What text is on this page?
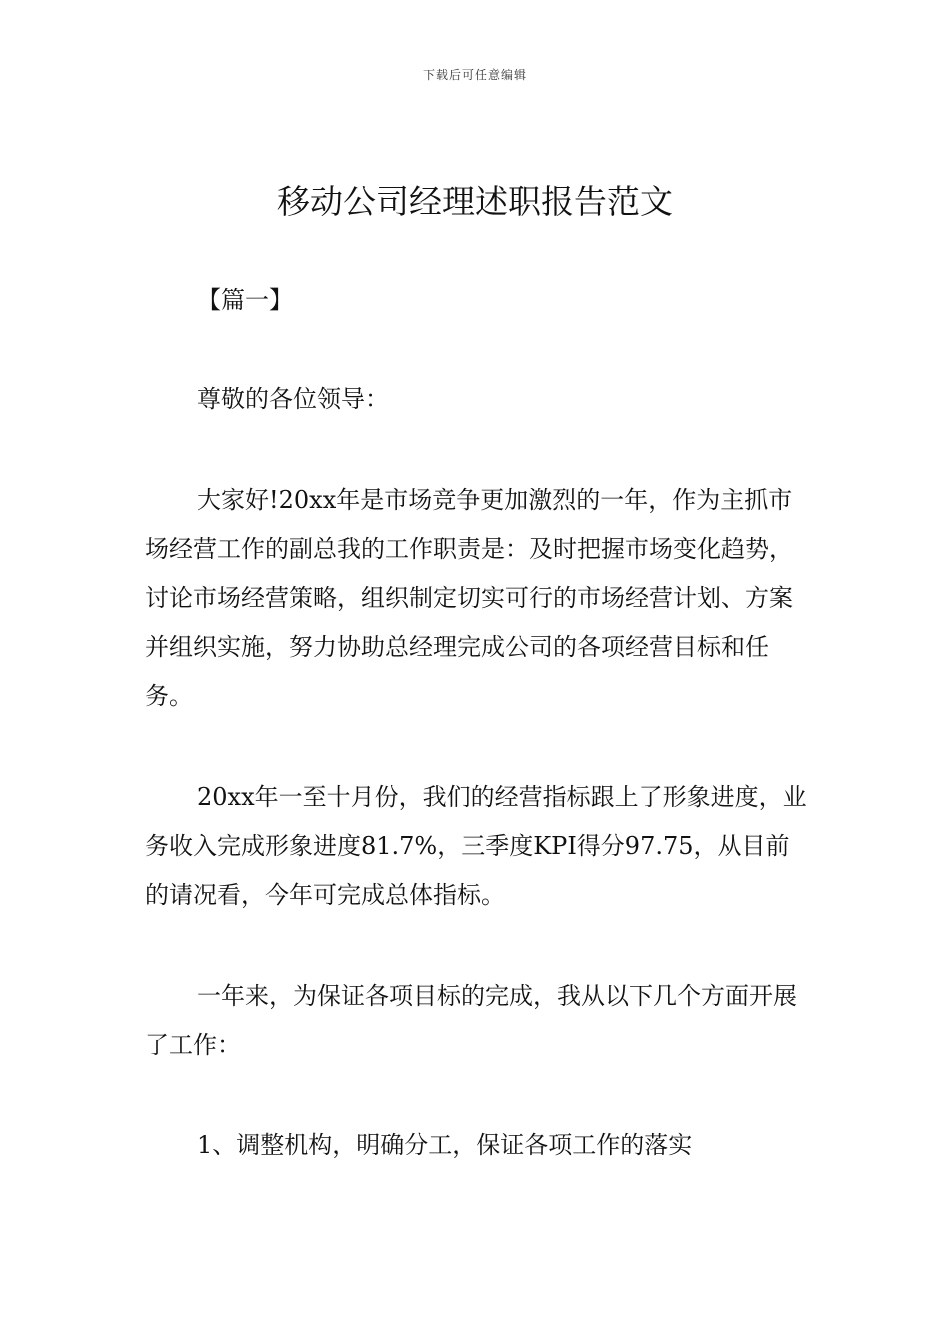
下载后可任意编辑
移动公司经理述职报告范文

【篇一】

尊敬的各位领导：

大家好!20xx年是市场竞争更加激烈的一年，作为主抓市场经营工作的副总我的工作职责是：及时把握市场变化趋势，讨论市场经营策略，组织制定切实可行的市场经营计划、方案并组织实施，努力协助总经理完成公司的各项经营目标和任务。

20xx年一至十月份，我们的经营指标跟上了形象进度，业务收入完成形象进度81.7%，三季度KPI得分97.75，从目前的请况看，今年可完成总体指标。

一年来，为保证各项目标的完成，我从以下几个方面开展了工作：

1、调整机构，明确分工，保证各项工作的落实
